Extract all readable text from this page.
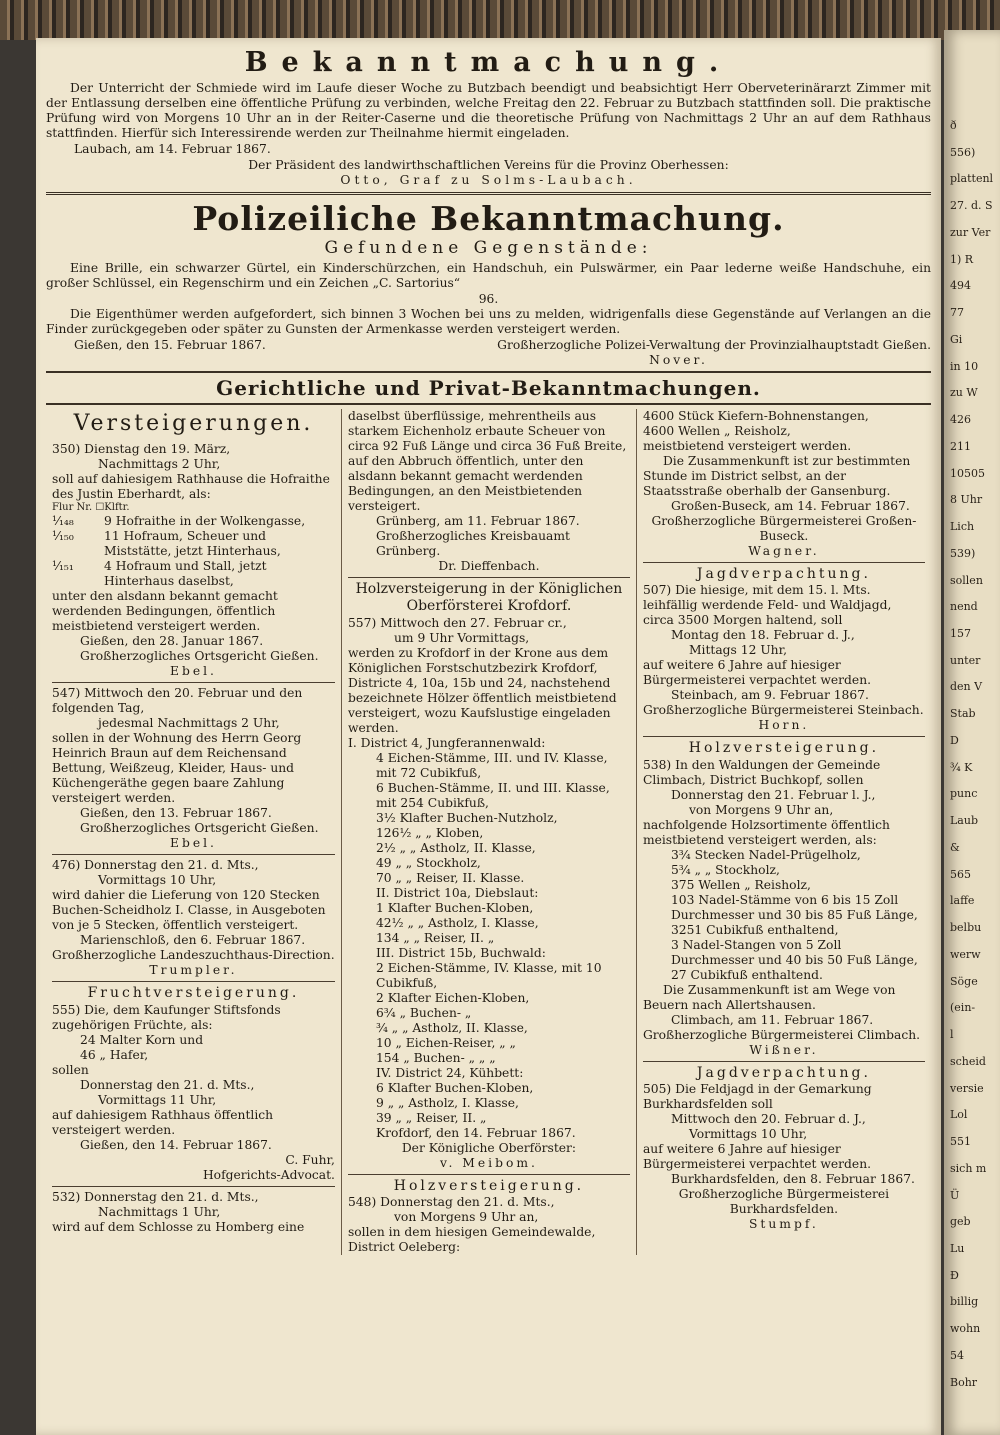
Bekanntmachung.
Der Unterricht der Schmiede wird im Laufe dieser Woche zu Butzbach beendigt und beabsichtigt Herr Oberveterinärarzt Zimmer mit der Entlassung derselben eine öffentliche Prüfung zu verbinden, welche Freitag den 22. Februar zu Butzbach stattfinden soll. Die praktische Prüfung wird von Morgens 10 Uhr an in der Reiter-Caserne und die theoretische Prüfung von Nachmittags 2 Uhr an auf dem Rathhaus stattfinden. Hierfür sich Interessirende werden zur Theilnahme hiermit eingeladen.
Laubach, am 14. Februar 1867.
Der Präsident des landwirthschaftlichen Vereins für die Provinz Oberhessen:
Otto, Graf zu Solms-Laubach.
Polizeiliche Bekanntmachung.
Gefundene Gegenstände:
Eine Brille, ein schwarzer Gürtel, ein Kinderschürzchen, ein Handschuh, ein Pulswärmer, ein Paar lederne weiße Handschuhe, ein großer Schlüssel, ein Regenschirm und ein Zeichen „C. Sartorius“
96.
Die Eigenthümer werden aufgefordert, sich binnen 3 Wochen bei uns zu melden, widrigenfalls diese Gegenstände auf Verlangen an die Finder zurückgegeben oder später zu Gunsten der Armenkasse werden versteigert werden.
Gießen, den 15. Februar 1867.	Großherzogliche Polizei-Verwaltung der Provinzialhauptstadt Gießen.
Nover.
Gerichtliche und Privat-Bekanntmachungen.
Versteigerungen.
350) Dienstag den 19. März,
Nachmittags 2 Uhr,
soll auf dahiesigem Rathhause die Hofraithe des Justin Eberhardt, als:
Flur Nr. ☐Klftr.
¹⁄₁₄₈	9 Hofraithe in der Wolkengasse,
¹⁄₁₅₀	11 Hofraum, Scheuer und Miststätte, jetzt Hinterhaus,
¹⁄₁₅₁	4 Hofraum und Stall, jetzt Hinterhaus daselbst,
unter den alsdann bekannt gemacht werdenden Bedingungen, öffentlich meistbietend versteigert werden.
Gießen, den 28. Januar 1867.
Großherzogliches Ortsgericht Gießen.
Ebel.
547) Mittwoch den 20. Februar und den folgenden Tag,
jedesmal Nachmittags 2 Uhr,
sollen in der Wohnung des Herrn Georg Heinrich Braun auf dem Reichensand Bettung, Weißzeug, Kleider, Haus- und Küchengeräthe gegen baare Zahlung versteigert werden.
Gießen, den 13. Februar 1867.
Großherzogliches Ortsgericht Gießen.
Ebel.
476) Donnerstag den 21. d. Mts.,
Vormittags 10 Uhr,
wird dahier die Lieferung von 120 Stecken Buchen-Scheidholz I. Classe, in Ausgeboten von je 5 Stecken, öffentlich versteigert.
Marienschloß, den 6. Februar 1867.
Großherzogliche Landeszuchthaus-Direction.
Trumpler.
Fruchtversteigerung.
555) Die, dem Kaufunger Stiftsfonds zugehörigen Früchte, als:
24 Malter Korn und
46 „ Hafer,
sollen
Donnerstag den 21. d. Mts.,
Vormittags 11 Uhr,
auf dahiesigem Rathhaus öffentlich versteigert werden.
Gießen, den 14. Februar 1867.
C. Fuhr,
Hofgerichts-Advocat.
532) Donnerstag den 21. d. Mts.,
Nachmittags 1 Uhr,
wird auf dem Schlosse zu Homberg eine
daselbst überflüssige, mehrentheils aus starkem Eichenholz erbaute Scheuer von circa 92 Fuß Länge und circa 36 Fuß Breite, auf den Abbruch öffentlich, unter den alsdann bekannt gemacht werdenden Bedingungen, an den Meistbietenden versteigert.
Grünberg, am 11. Februar 1867.
Großherzogliches Kreisbauamt Grünberg.
Dr. Dieffenbach.
Holzversteigerung in der Königlichen Oberförsterei Krofdorf.
557) Mittwoch den 27. Februar cr.,
um 9 Uhr Vormittags,
werden zu Krofdorf in der Krone aus dem Königlichen Forstschutzbezirk Krofdorf, Districte 4, 10a, 15b und 24, nachstehend bezeichnete Hölzer öffentlich meistbietend versteigert, wozu Kaufslustige eingeladen werden.
I. District 4, Jungferannenwald:
4 Eichen-Stämme, III. und IV. Klasse, mit 72 Cubikfuß,
6 Buchen-Stämme, II. und III. Klasse, mit 254 Cubikfuß,
3½ Klafter Buchen-Nutzholz,
126½ „ „ Kloben,
2½ „ „ Astholz, II. Klasse,
49 „ „ Stockholz,
70 „ „ Reiser, II. Klasse.
II. District 10a, Diebslaut:
1 Klafter Buchen-Kloben,
42½ „ „ Astholz, I. Klasse,
134 „ „ Reiser, II. „
III. District 15b, Buchwald:
2 Eichen-Stämme, IV. Klasse, mit 10 Cubikfuß,
2 Klafter Eichen-Kloben,
6¾ „ Buchen- „
¾ „ „ Astholz, II. Klasse,
10 „ Eichen-Reiser, „ „
154 „ Buchen- „ „ „
IV. District 24, Kühbett:
6 Klafter Buchen-Kloben,
9 „ „ Astholz, I. Klasse,
39 „ „ Reiser, II. „
Krofdorf, den 14. Februar 1867.
Der Königliche Oberförster:
v. Meibom.
Holzversteigerung.
548) Donnerstag den 21. d. Mts.,
von Morgens 9 Uhr an,
sollen in dem hiesigen Gemeindewalde, District Oeleberg:
4600 Stück Kiefern-Bohnenstangen,
4600 Wellen „ Reisholz,
meistbietend versteigert werden.
Die Zusammenkunft ist zur bestimmten Stunde im District selbst, an der Staatsstraße oberhalb der Gansenburg.
Großen-Buseck, am 14. Februar 1867.
Großherzogliche Bürgermeisterei Großen-Buseck.
Wagner.
Jagdverpachtung.
507) Die hiesige, mit dem 15. l. Mts. leihfällig werdende Feld- und Waldjagd, circa 3500 Morgen haltend, soll
Montag den 18. Februar d. J.,
Mittags 12 Uhr,
auf weitere 6 Jahre auf hiesiger Bürgermeisterei verpachtet werden.
Steinbach, am 9. Februar 1867.
Großherzogliche Bürgermeisterei Steinbach.
Horn.
Holzversteigerung.
538) In den Waldungen der Gemeinde Climbach, District Buchkopf, sollen
Donnerstag den 21. Februar l. J.,
von Morgens 9 Uhr an,
nachfolgende Holzsortimente öffentlich meistbietend versteigert werden, als:
3¾ Stecken Nadel-Prügelholz,
5¾ „ „ Stockholz,
375 Wellen „ Reisholz,
103 Nadel-Stämme von 6 bis 15 Zoll Durchmesser und 30 bis 85 Fuß Länge, 3251 Cubikfuß enthaltend,
3 Nadel-Stangen von 5 Zoll Durchmesser und 40 bis 50 Fuß Länge, 27 Cubikfuß enthaltend.
Die Zusammenkunft ist am Wege von Beuern nach Allertshausen.
Climbach, am 11. Februar 1867.
Großherzogliche Bürgermeisterei Climbach.
Wißner.
Jagdverpachtung.
505) Die Feldjagd in der Gemarkung Burkhardsfelden soll
Mittwoch den 20. Februar d. J.,
Vormittags 10 Uhr,
auf weitere 6 Jahre auf hiesiger Bürgermeisterei verpachtet werden.
Burkhardsfelden, den 8. Februar 1867.
Großherzogliche Bürgermeisterei Burkhardsfelden.
Stumpf.
ð
556)
plattenl
27. d. S
zur Ver
1) R
494
77
Gi
in 10
zu W
426
211
10505
8 Uhr
Lich
539)
sollen
nend
157
unter
den V
Stab
D
¾ K
punc
Laub
&
565
laffe
belbu
werw
Söge
(ein-
l
scheid
versie
Lol
551
sich m
Ü
geb
Lu
Ð
billig
wohn
54
Bohr
